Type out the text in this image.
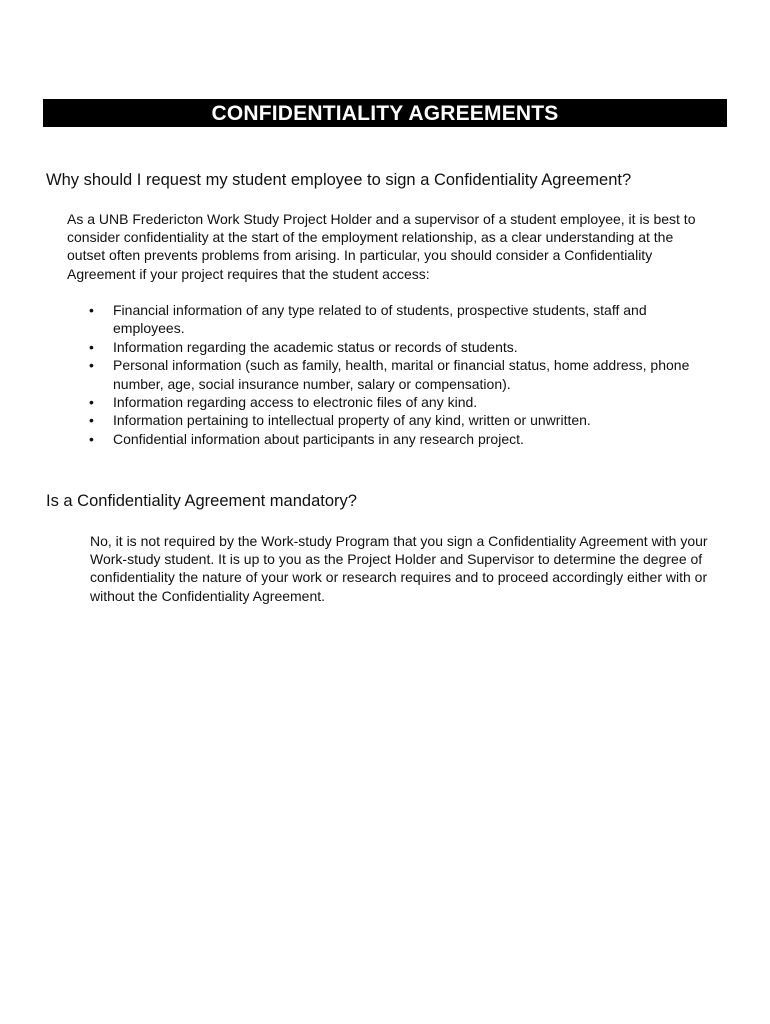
CONFIDENTIALITY AGREEMENTS
Why should I request my student employee to sign a Confidentiality Agreement?
As a UNB Fredericton Work Study Project Holder and a supervisor of a student employee, it is best to consider confidentiality at the start of the employment relationship, as a clear understanding at the outset often prevents problems from arising. In particular, you should consider a Confidentiality Agreement if your project requires that the student access:
• Financial information of any type related to of students, prospective students, staff and employees.
• Information regarding the academic status or records of students.
• Personal information (such as family, health, marital or financial status, home address, phone number, age, social insurance number, salary or compensation).
• Information regarding access to electronic files of any kind.
• Information pertaining to intellectual property of any kind, written or unwritten.
• Confidential information about participants in any research project.
Is a Confidentiality Agreement mandatory?
No, it is not required by the Work-study Program that you sign a Confidentiality Agreement with your Work-study student. It is up to you as the Project Holder and Supervisor to determine the degree of confidentiality the nature of your work or research requires and to proceed accordingly either with or without the Confidentiality Agreement.
